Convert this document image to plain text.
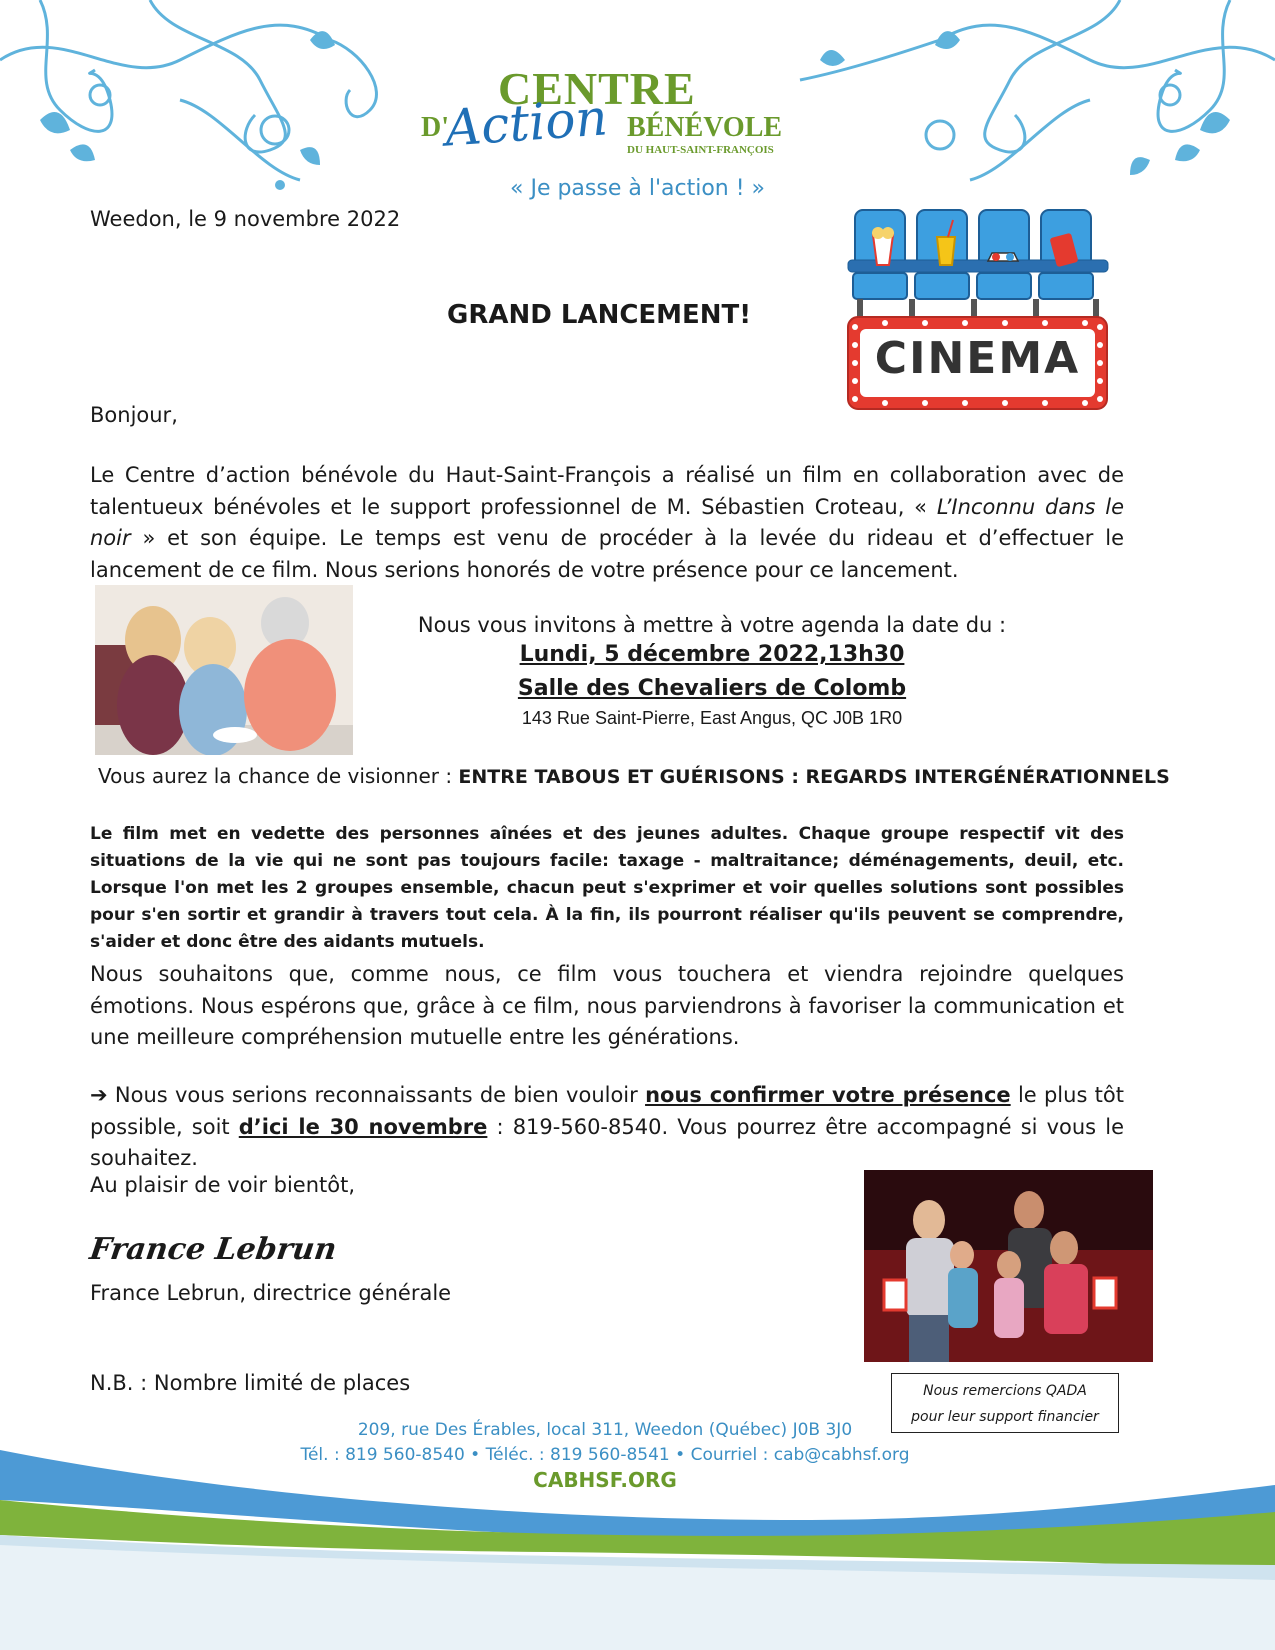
CENTRE
D'
Action BÉNÉVOLE
DU HAUT-SAINT-FRANÇOIS
« Je passe à l'action ! »
Weedon, le 9 novembre 2022
GRAND LANCEMENT!
CINEMA
Bonjour,

Le Centre d’action bénévole du Haut-Saint-François a réalisé un film en collaboration avec de talentueux bénévoles et le support professionnel de M. Sébastien Croteau, « L’Inconnu dans le noir » et son équipe. Le temps est venu de procéder à la levée du rideau et d’effectuer le lancement de ce film. Nous serions honorés de votre présence pour ce lancement.

Nous vous invitons à mettre à votre agenda la date du :
Lundi, 5 décembre 2022,13h30
Salle des Chevaliers de Colomb
143 Rue Saint-Pierre, East Angus, QC J0B 1R0
Vous aurez la chance de visionner : ENTRE TABOUS ET GUÉRISONS : REGARDS INTERGÉNÉRATIONNELS

Le film met en vedette des personnes aînées et des jeunes adultes. Chaque groupe respectif vit des situations de la vie qui ne sont pas toujours facile: taxage - maltraitance; déménagements, deuil, etc. Lorsque l'on met les 2 groupes ensemble, chacun peut s'exprimer et voir quelles solutions sont possibles pour s'en sortir et grandir à travers tout cela. À la fin, ils pourront réaliser qu'ils peuvent se comprendre, s'aider et donc être des aidants mutuels.

Nous souhaitons que, comme nous, ce film vous touchera et viendra rejoindre quelques émotions. Nous espérons que, grâce à ce film, nous parviendrons à favoriser la communication et une meilleure compréhension mutuelle entre les générations.

➔ Nous vous serions reconnaissants de bien vouloir nous confirmer votre présence le plus tôt possible, soit d’ici le 30 novembre : 819-560-8540. Vous pourrez être accompagné si vous le souhaitez.

Au plaisir de voir bientôt,
France Lebrun
France Lebrun, directrice générale
N.B. : Nombre limité de places	Nous remercions QADA
pour leur support financier
209, rue Des Érables, local 311, Weedon (Québec) J0B 3J0
Tél. : 819 560-8540 • Téléc. : 819 560-8541 • Courriel : cab@cabhsf.org
CABHSF.ORG
